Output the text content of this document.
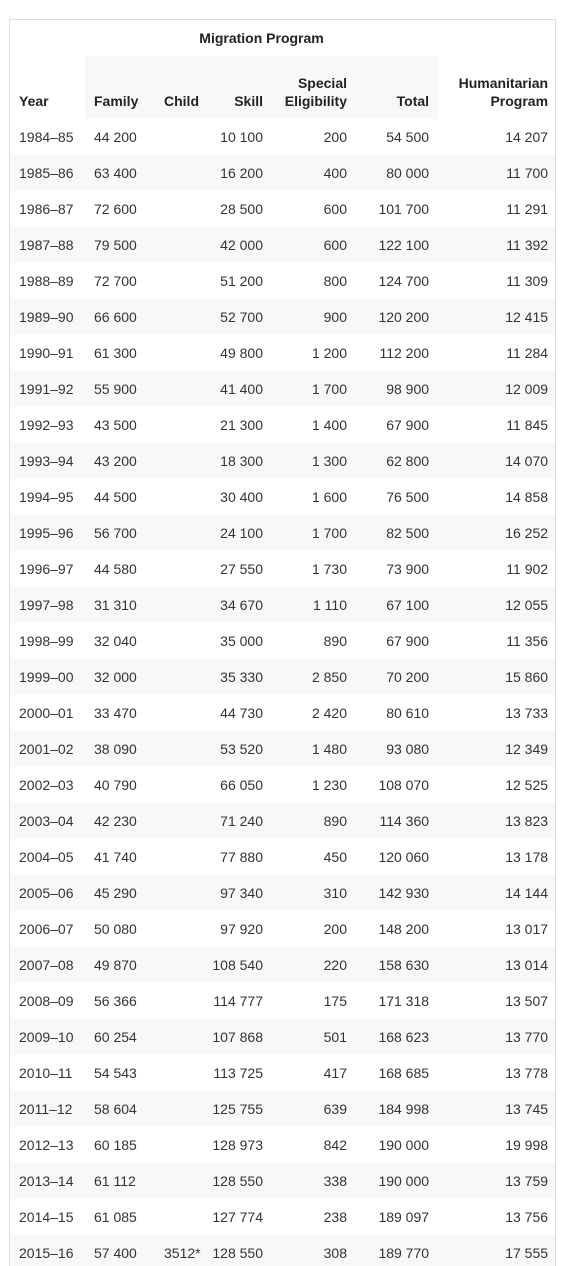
	Migration Program					
Year	Family	Child	Skill	Special
Eligibility	Total	Humanitarian
Program
1984–85	44 200		10 100	200	54 500	14 207
1985–86	63 400		16 200	400	80 000	11 700
1986–87	72 600		28 500	600	101 700	11 291
1987–88	79 500		42 000	600	122 100	11 392
1988–89	72 700		51 200	800	124 700	11 309
1989–90	66 600		52 700	900	120 200	12 415
1990–91	61 300		49 800	1 200	112 200	11 284
1991–92	55 900		41 400	1 700	98 900	12 009
1992–93	43 500		21 300	1 400	67 900	11 845
1993–94	43 200		18 300	1 300	62 800	14 070
1994–95	44 500		30 400	1 600	76 500	14 858
1995–96	56 700		24 100	1 700	82 500	16 252
1996–97	44 580		27 550	1 730	73 900	11 902
1997–98	31 310		34 670	1 110	67 100	12 055
1998–99	32 040		35 000	890	67 900	11 356
1999–00	32 000		35 330	2 850	70 200	15 860
2000–01	33 470		44 730	2 420	80 610	13 733
2001–02	38 090		53 520	1 480	93 080	12 349
2002–03	40 790		66 050	1 230	108 070	12 525
2003–04	42 230		71 240	890	114 360	13 823
2004–05	41 740		77 880	450	120 060	13 178
2005–06	45 290		97 340	310	142 930	14 144
2006–07	50 080		97 920	200	148 200	13 017
2007–08	49 870		108 540	220	158 630	13 014
2008–09	56 366		114 777	175	171 318	13 507
2009–10	60 254		107 868	501	168 623	13 770
2010–11	54 543		113 725	417	168 685	13 778
2011–12	58 604		125 755	639	184 998	13 745
2012–13	60 185		128 973	842	190 000	19 998
2013–14	61 112		128 550	338	190 000	13 759
2014–15	61 085		127 774	238	189 097	13 756
2015–16	57 400	3512*	128 550	308	189 770	17 555
